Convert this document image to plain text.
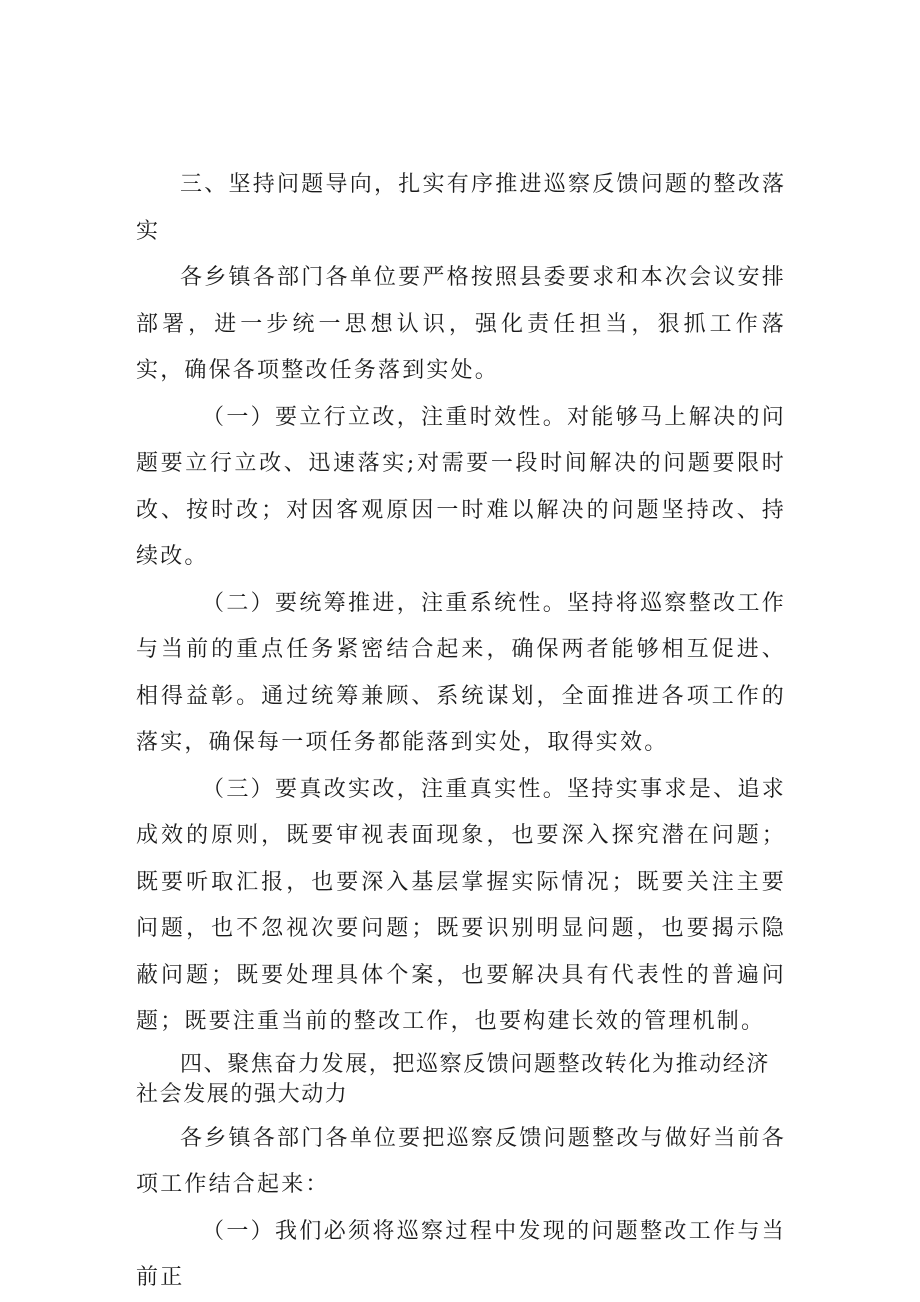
三、坚持问题导向，扎实有序推进巡察反馈问题的整改落实

各乡镇各部门各单位要严格按照县委要求和本次会议安排部署，进一步统一思想认识，强化责任担当，狠抓工作落实，确保各项整改任务落到实处。

（一）要立行立改，注重时效性。对能够马上解决的问题要立行立改、迅速落实;对需要一段时间解决的问题要限时改、按时改；对因客观原因一时难以解决的问题坚持改、持续改。

（二）要统筹推进，注重系统性。坚持将巡察整改工作与当前的重点任务紧密结合起来，确保两者能够相互促进、相得益彰。通过统筹兼顾、系统谋划，全面推进各项工作的落实，确保每一项任务都能落到实处，取得实效。

（三）要真改实改，注重真实性。坚持实事求是、追求成效的原则，既要审视表面现象，也要深入探究潜在问题；既要听取汇报，也要深入基层掌握实际情况；既要关注主要问题，也不忽视次要问题；既要识别明显问题，也要揭示隐蔽问题；既要处理具体个案，也要解决具有代表性的普遍问题；既要注重当前的整改工作，也要构建长效的管理机制。

四、聚焦奋力发展，把巡察反馈问题整改转化为推动经济社会发展的强大动力

各乡镇各部门各单位要把巡察反馈问题整改与做好当前各项工作结合起来：

（一）我们必须将巡察过程中发现的问题整改工作与当前正
